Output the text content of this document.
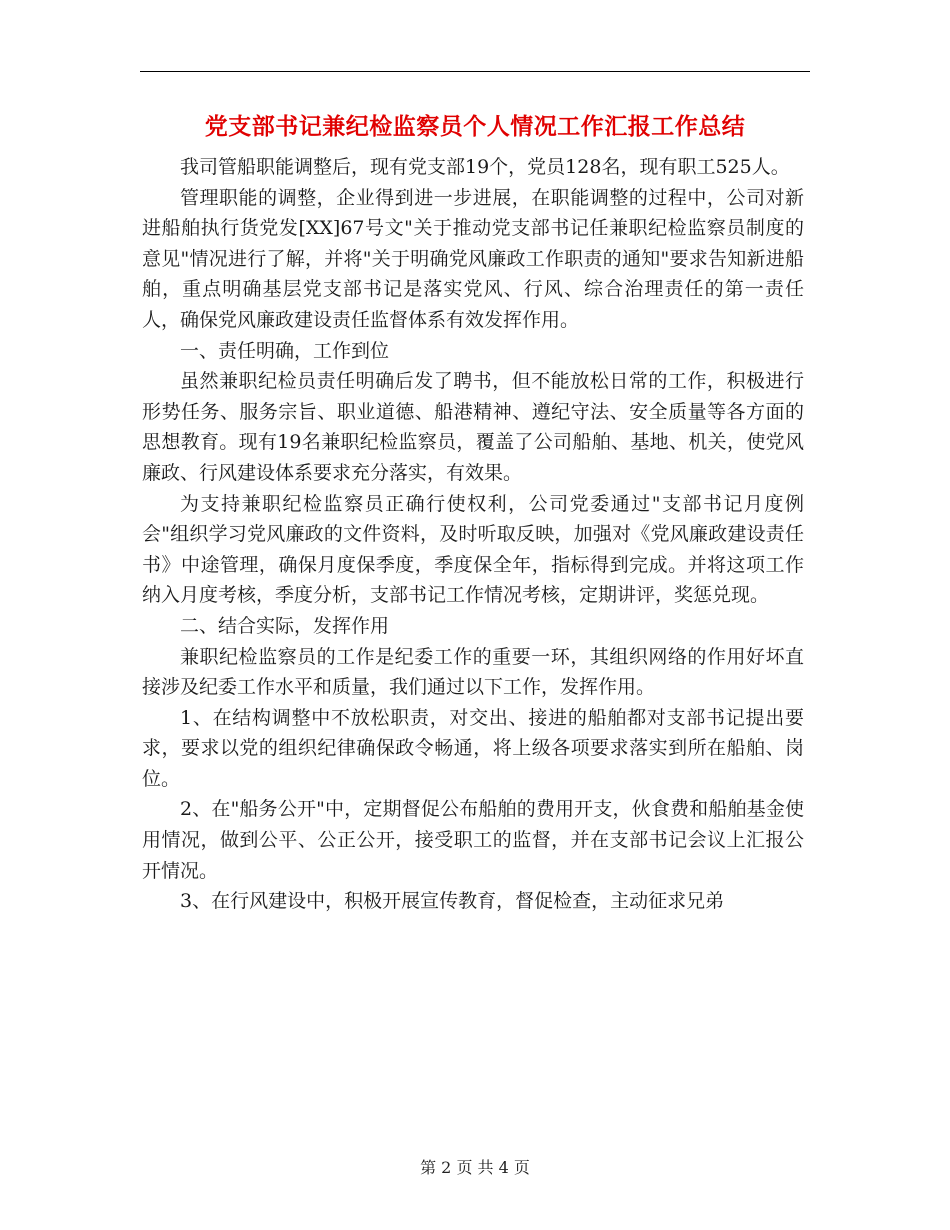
党支部书记兼纪检监察员个人情况工作汇报工作总结

我司管船职能调整后，现有党支部19个，党员128名，现有职工525人。

管理职能的调整，企业得到进一步进展，在职能调整的过程中，公司对新进船舶执行货党发[XX]67号文"关于推动党支部书记任兼职纪检监察员制度的意见"情况进行了解，并将"关于明确党风廉政工作职责的通知"要求告知新进船舶，重点明确基层党支部书记是落实党风、行风、综合治理责任的第一责任人，确保党风廉政建设责任监督体系有效发挥作用。

一、责任明确，工作到位

虽然兼职纪检员责任明确后发了聘书，但不能放松日常的工作，积极进行形势任务、服务宗旨、职业道德、船港精神、遵纪守法、安全质量等各方面的思想教育。现有19名兼职纪检监察员，覆盖了公司船舶、基地、机关，使党风廉政、行风建设体系要求充分落实，有效果。

为支持兼职纪检监察员正确行使权利，公司党委通过"支部书记月度例会"组织学习党风廉政的文件资料，及时听取反映，加强对《党风廉政建设责任书》中途管理，确保月度保季度，季度保全年，指标得到完成。并将这项工作纳入月度考核，季度分析，支部书记工作情况考核，定期讲评，奖惩兑现。

二、结合实际，发挥作用

兼职纪检监察员的工作是纪委工作的重要一环，其组织网络的作用好坏直接涉及纪委工作水平和质量，我们通过以下工作，发挥作用。

1、在结构调整中不放松职责，对交出、接进的船舶都对支部书记提出要求，要求以党的组织纪律确保政令畅通，将上级各项要求落实到所在船舶、岗位。

2、在"船务公开"中，定期督促公布船舶的费用开支，伙食费和船舶基金使用情况，做到公平、公正公开，接受职工的监督，并在支部书记会议上汇报公开情况。

3、在行风建设中，积极开展宣传教育，督促检查，主动征求兄弟

第 2 页 共 4 页
